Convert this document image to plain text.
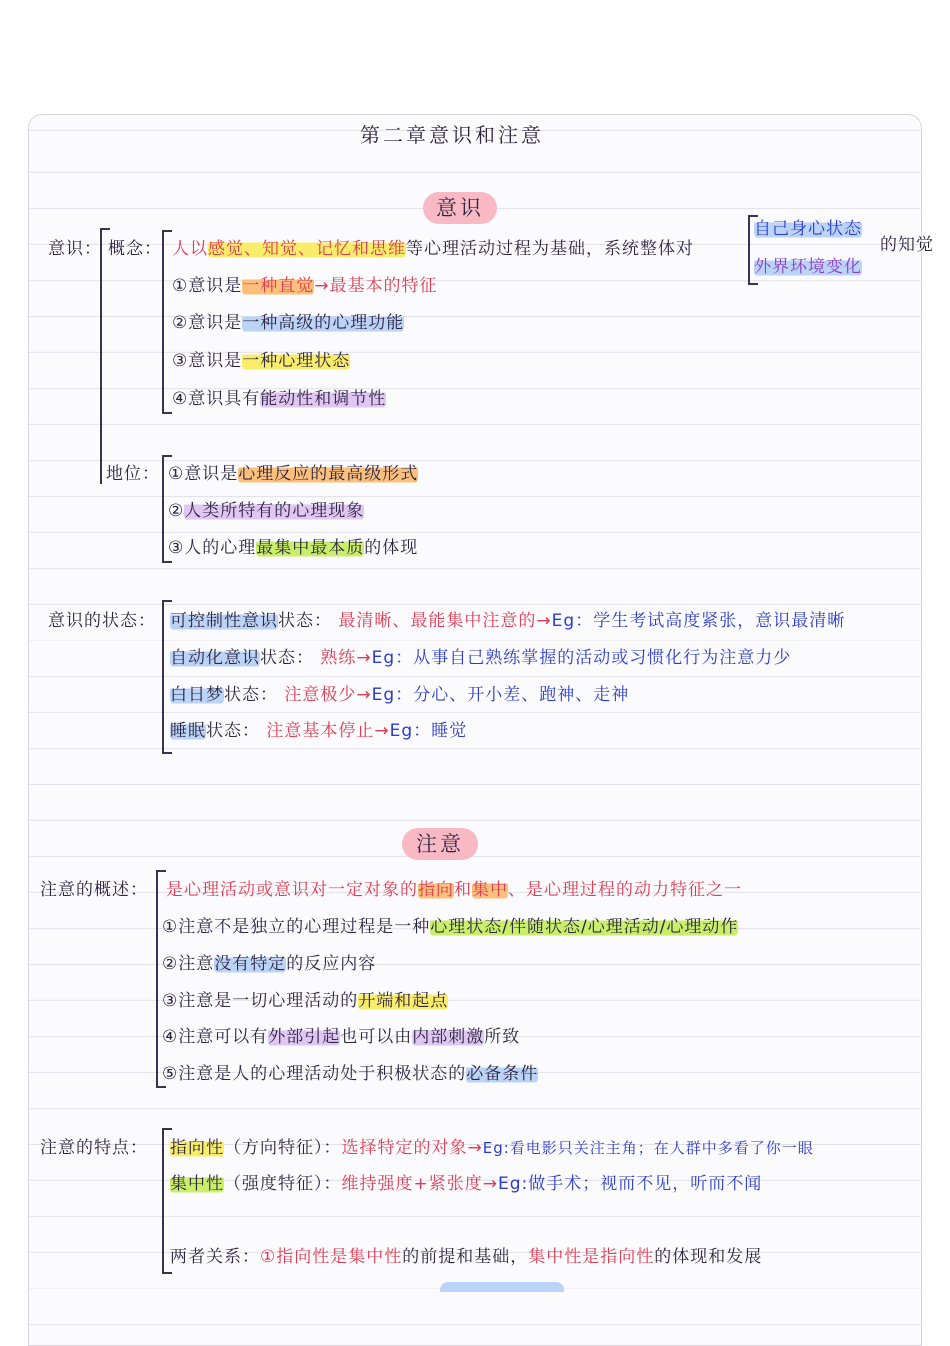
第二章意识和注意
意识
意识： 概念： 人以感觉、知觉、记忆和思维等心理活动过程为基础，系统整体对
自己身心状态
外界环境变化
的知觉
①意识是一种直觉→最基本的特征
②意识是一种高级的心理功能
③意识是一种心理状态
④意识具有能动性和调节性
地位： ①意识是心理反应的最高级形式
②人类所特有的心理现象
③人的心理最集中最本质的体现
意识的状态： 可控制性意识状态： 最清晰、最能集中注意的→Eg：学生考试高度紧张，意识最清晰
自动化意识状态： 熟练→Eg：从事自己熟练掌握的活动或习惯化行为注意力少
白日梦状态： 注意极少→Eg：分心、开小差、跑神、走神
睡眠状态： 注意基本停止→Eg：睡觉
注意
注意的概述： 是心理活动或意识对一定对象的指向和集中、是心理过程的动力特征之一
①注意不是独立的心理过程是一种心理状态/伴随状态/心理活动/心理动作
②注意没有特定的反应内容
③注意是一切心理活动的开端和起点
④注意可以有外部引起也可以由内部刺激所致
⑤注意是人的心理活动处于积极状态的必备条件
注意的特点： 指向性（方向特征）：选择特定的对象→Eg:看电影只关注主角；在人群中多看了你一眼
集中性（强度特征）：维持强度+紧张度→Eg:做手术；视而不见，听而不闻
两者关系：①指向性是集中性的前提和基础，集中性是指向性的体现和发展
